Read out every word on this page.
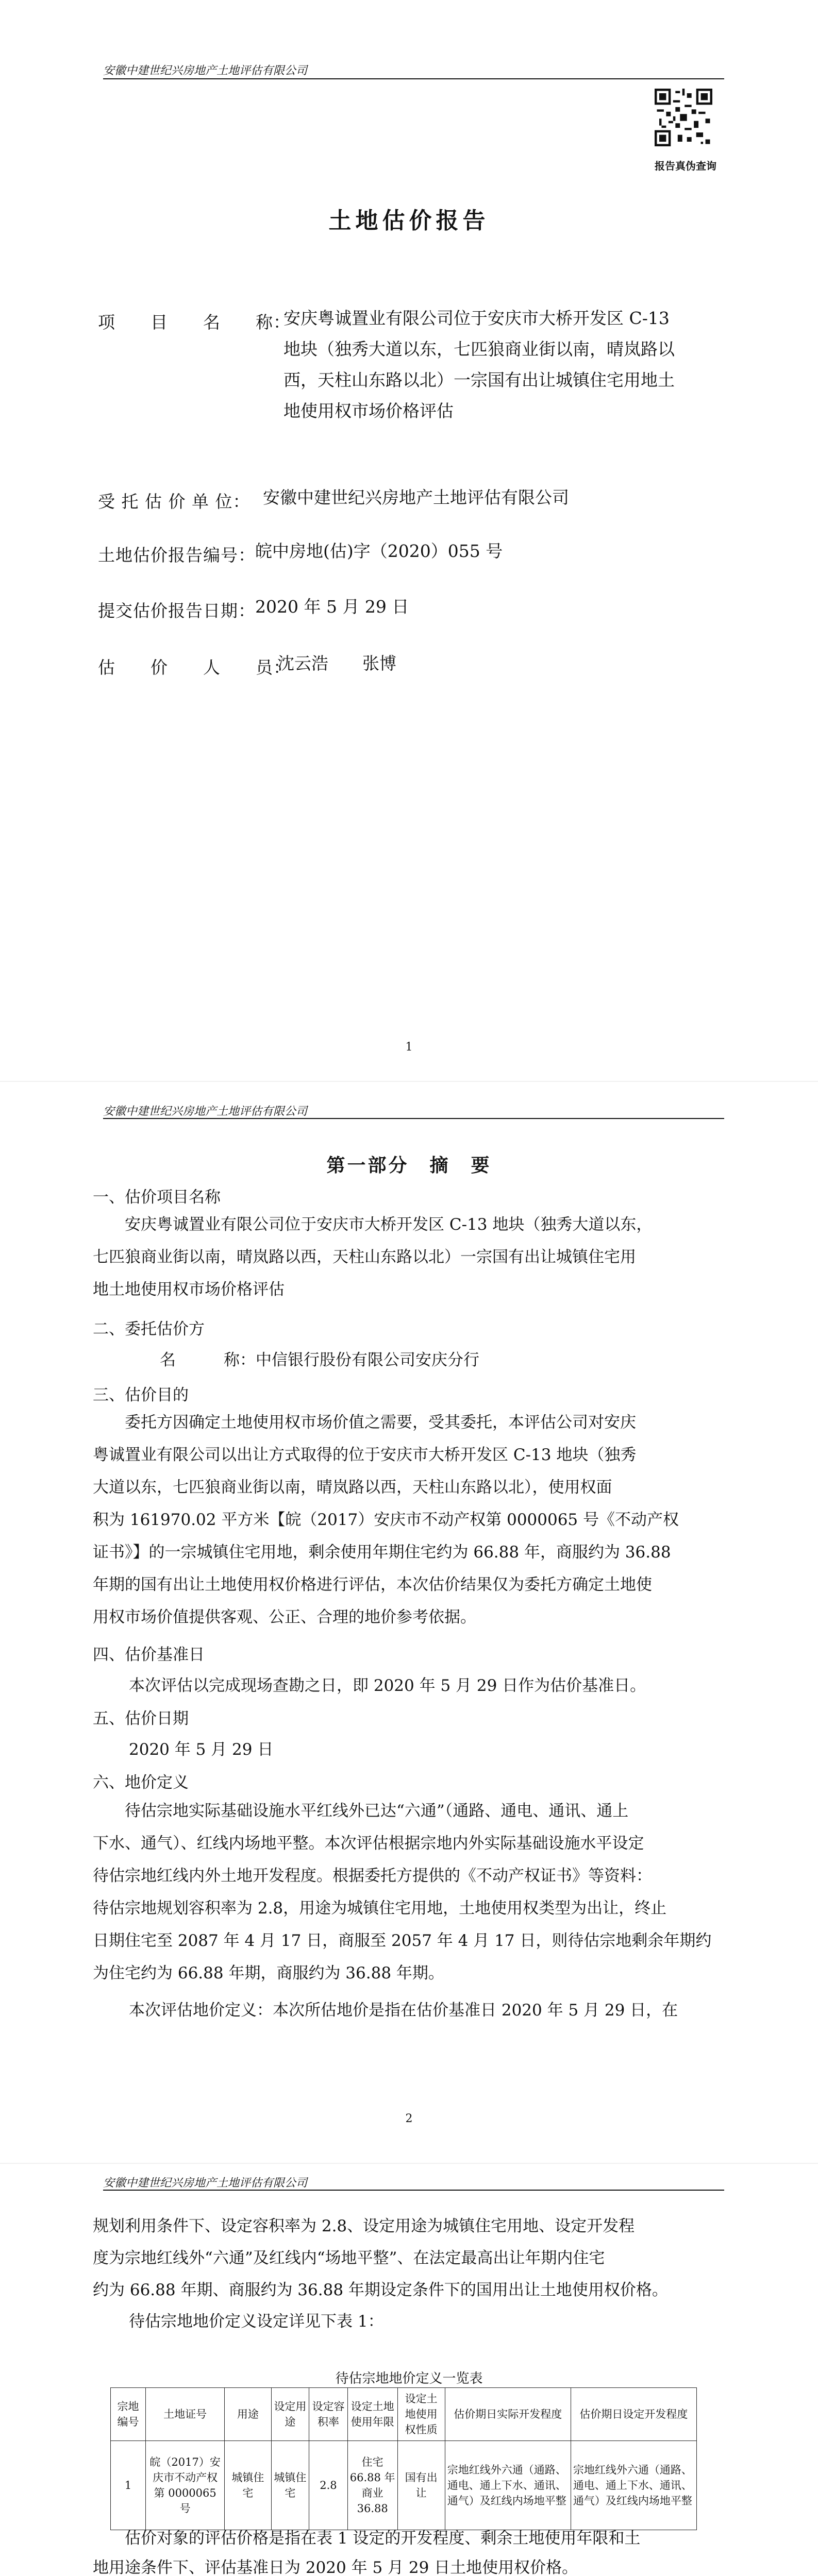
安徽中建世纪兴房地产土地评估有限公司
报告真伪查询
土地估价报告
项　　目　　名　　称：
安庆粤诚置业有限公司位于安庆市大桥开发区 C-13
地块（独秀大道以东，七匹狼商业街以南，晴岚路以
西，天柱山东路以北）一宗国有出让城镇住宅用地土
地使用权市场价格评估
受 托 估 价 单 位： 安徽中建世纪兴房地产土地评估有限公司
土地估价报告编号： 皖中房地(估)字（2020）055 号
提交估价报告日期： 2020 年 5 月 29 日
估　　价　　人　　员：
沈云浩　　张博
1
安徽中建世纪兴房地产土地评估有限公司
2
第一部分　摘　要
一、估价项目名称
安庆粤诚置业有限公司位于安庆市大桥开发区 C-13 地块（独秀大道以东，
七匹狼商业街以南，晴岚路以西，天柱山东路以北）一宗国有出让城镇住宅用
地土地使用权市场价格评估
二、委托估价方
名　　　称：中信银行股份有限公司安庆分行
三、估价目的
委托方因确定土地使用权市场价值之需要，受其委托，本评估公司对安庆
粤诚置业有限公司以出让方式取得的位于安庆市大桥开发区 C-13 地块（独秀
大道以东，七匹狼商业街以南，晴岚路以西，天柱山东路以北），使用权面
积为 161970.02 平方米【皖（2017）安庆市不动产权第 0000065 号《不动产权
证书》】的一宗城镇住宅用地，剩余使用年期住宅约为 66.88 年，商服约为 36.88
年期的国有出让土地使用权价格进行评估，本次估价结果仅为委托方确定土地使
用权市场价值提供客观、公正、合理的地价参考依据。
四、估价基准日
本次评估以完成现场查勘之日，即 2020 年 5 月 29 日作为估价基准日。
五、估价日期
2020 年 5 月 29 日
六、地价定义
待估宗地实际基础设施水平红线外已达“六通”（通路、通电、通讯、通上
下水、通气）、红线内场地平整。本次评估根据宗地内外实际基础设施水平设定
待估宗地红线内外土地开发程度。根据委托方提供的《不动产权证书》等资料：
待估宗地规划容积率为 2.8，用途为城镇住宅用地，土地使用权类型为出让，终止
日期住宅至 2087 年 4 月 17 日，商服至 2057 年 4 月 17 日，则待估宗地剩余年期约
为住宅约为 66.88 年期，商服约为 36.88 年期。
本次评估地价定义：本次所估地价是指在估价基准日 2020 年 5 月 29 日，在
安徽中建世纪兴房地产土地评估有限公司
规划利用条件下、设定容积率为 2.8、设定用途为城镇住宅用地、设定开发程
度为宗地红线外“六通”及红线内“场地平整”、在法定最高出让年期内住宅
约为 66.88 年期、商服约为 36.88 年期设定条件下的国用出让土地使用权价格。
待估宗地地价定义设定详见下表 1：
待估宗地地价定义一览表
宗地编号	土地证号	用途	设定用途	设定容积率	设定土地使用年限	设定土地使用权性质	估价期日实际开发程度	估价期日设定开发程度
1	皖（2017）安庆市不动产权第 0000065 号	城镇住宅	城镇住宅	2.8	住宅 66.88 年 商业 36.88	国有出让	宗地红线外六通（通路、通电、通上下水、通讯、通气）及红线内场地平整	宗地红线外六通（通路、通电、通上下水、通讯、通气）及红线内场地平整
估价对象的评估价格是指在表 1 设定的开发程度、剩余土地使用年限和土
地用途条件下、评估基准日为 2020 年 5 月 29 日土地使用权价格。
